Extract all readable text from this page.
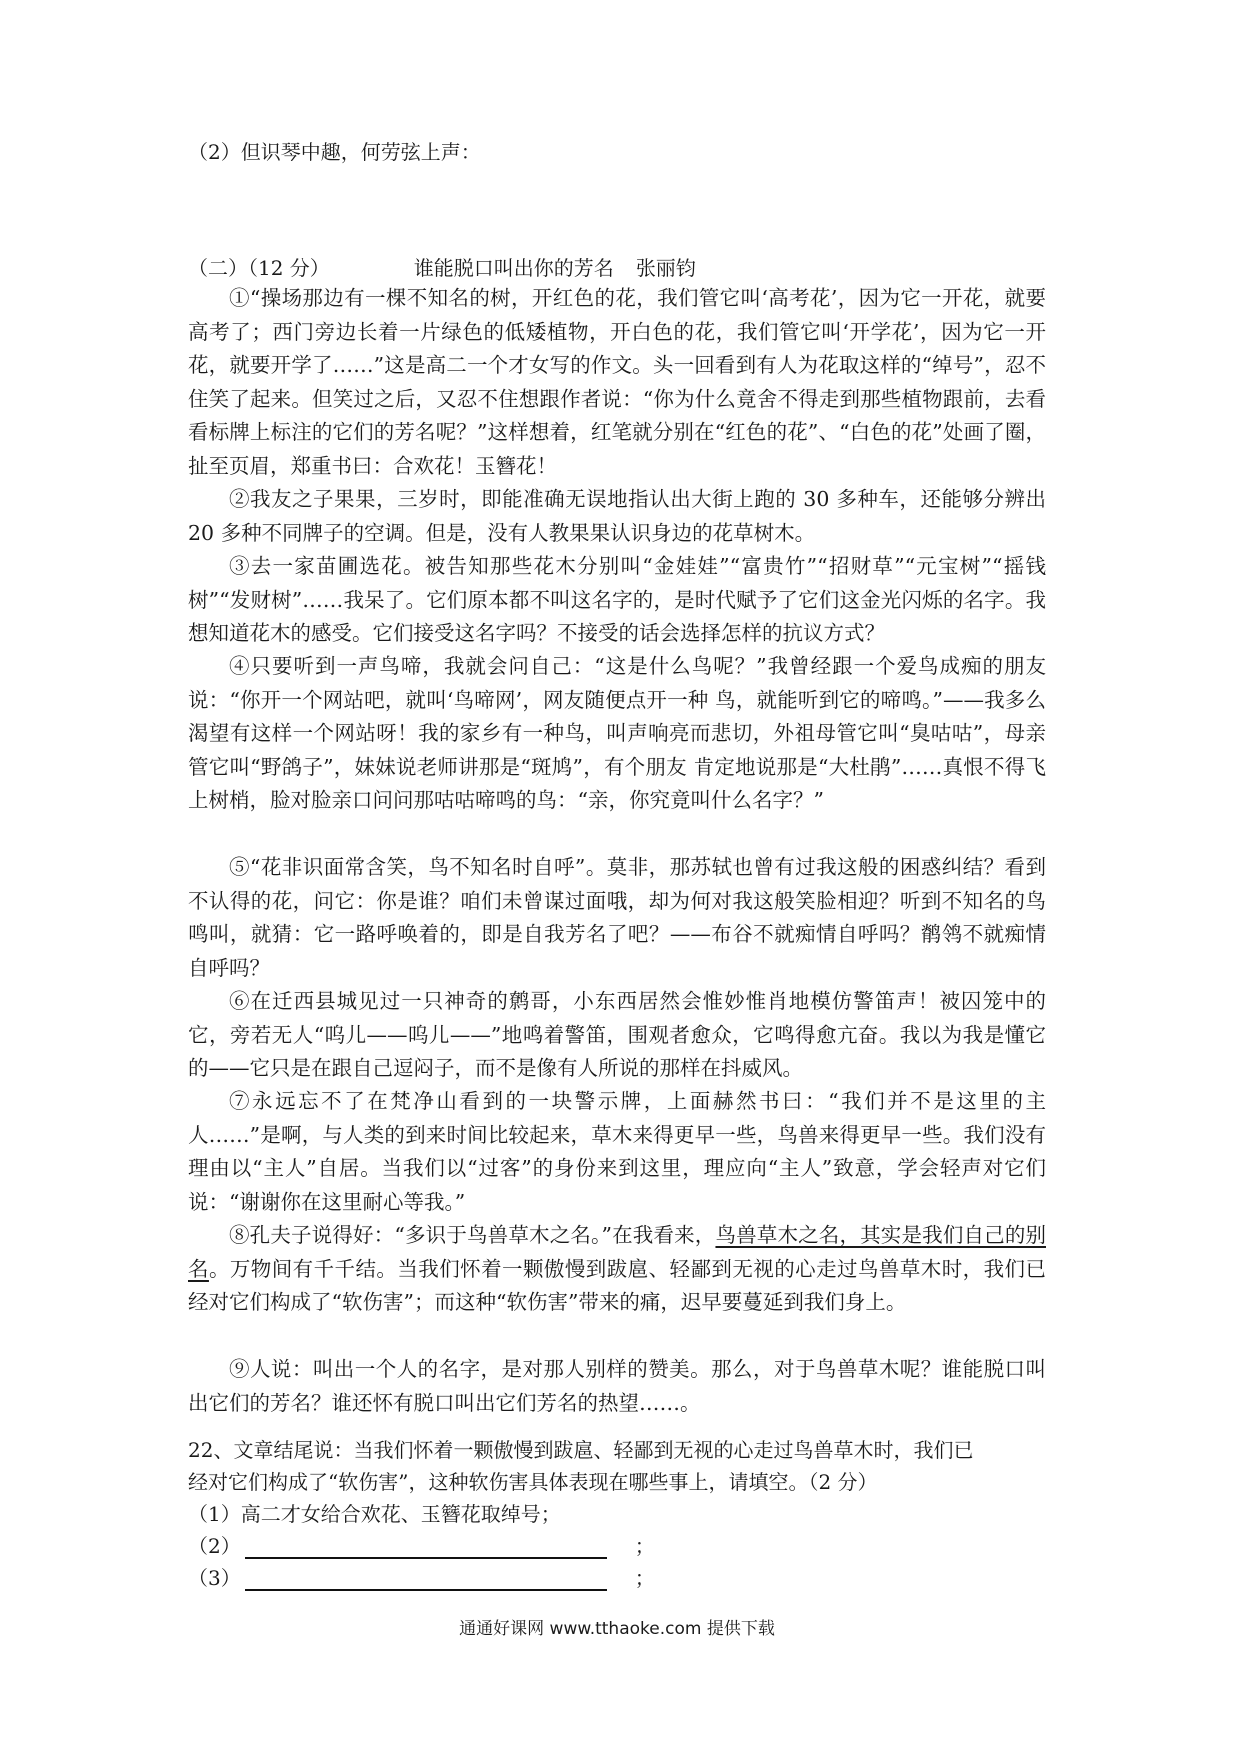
（2）但识琴中趣，何劳弦上声：
（二）（12 分）	谁能脱口叫出你的芳名 张丽钧
①“操场那边有一棵不知名的树，开红色的花，我们管它叫‘高考花’，因为它一开花，就要高考了；西门旁边长着一片绿色的低矮植物，开白色的花，我们管它叫‘开学花’，因为它一开花，就要开学了……”这是高二一个才女写的作文。头一回看到有人为花取这样的“绰号”，忍不住笑了起来。但笑过之后，又忍不住想跟作者说：“你为什么竟舍不得走到那些植物跟前，去看看标牌上标注的它们的芳名呢？”这样想着，红笔就分别在“红色的花”、“白色的花”处画了圈，扯至页眉，郑重书曰：合欢花！玉簪花！
②我友之子果果，三岁时，即能准确无误地指认出大街上跑的 30 多种车，还能够分辨出 20 多种不同牌子的空调。但是，没有人教果果认识身边的花草树木。
③去一家苗圃选花。被告知那些花木分别叫“金娃娃”“富贵竹”“招财草”“元宝树”“摇钱树”“发财树”……我呆了。它们原本都不叫这名字的，是时代赋予了它们这金光闪烁的名字。我想知道花木的感受。它们接受这名字吗？不接受的话会选择怎样的抗议方式？
④只要听到一声鸟啼，我就会问自己：“这是什么鸟呢？”我曾经跟一个爱鸟成痴的朋友说：“你开一个网站吧，就叫‘鸟啼网’，网友随便点开一种 鸟，就能听到它的啼鸣。”——我多么渴望有这样一个网站呀！我的家乡有一种鸟，叫声响亮而悲切，外祖母管它叫“臭咕咕”，母亲管它叫“野鸽子”，妹妹说老师讲那是“斑鸠”，有个朋友 肯定地说那是“大杜鹃”……真恨不得飞上树梢，脸对脸亲口问问那咕咕啼鸣的鸟：“亲，你究竟叫什么名字？”
⑤“花非识面常含笑，鸟不知名时自呼”。莫非，那苏轼也曾有过我这般的困惑纠结？看到不认得的花，问它：你是谁？咱们未曾谋过面哦，却为何对我这般笑脸相迎？听到不知名的鸟鸣叫，就猜：它一路呼唤着的，即是自我芳名了吧？——布谷不就痴情自呼吗？鹡鸰不就痴情自呼吗？
⑥在迁西县城见过一只神奇的鹩哥，小东西居然会惟妙惟肖地模仿警笛声！被囚笼中的它，旁若无人“呜儿——呜儿——”地鸣着警笛，围观者愈众，它鸣得愈亢奋。我以为我是懂它的——它只是在跟自己逗闷子，而不是像有人所说的那样在抖威风。
⑦永远忘不了在梵净山看到的一块警示牌，上面赫然书曰：“我们并不是这里的主人……”是啊，与人类的到来时间比较起来，草木来得更早一些，鸟兽来得更早一些。我们没有理由以“主人”自居。当我们以“过客”的身份来到这里，理应向“主人”致意，学会轻声对它们说：“谢谢你在这里耐心等我。”
⑧孔夫子说得好：“多识于鸟兽草木之名。”在我看来，鸟兽草木之名，其实是我们自己的别名。万物间有千千结。当我们怀着一颗傲慢到跋扈、轻鄙到无视的心走过鸟兽草木时，我们已经对它们构成了“软伤害”；而这种“软伤害”带来的痛，迟早要蔓延到我们身上。
⑨人说：叫出一个人的名字，是对那人别样的赞美。那么，对于鸟兽草木呢？谁能脱口叫出它们的芳名？谁还怀有脱口叫出它们芳名的热望……。
22、文章结尾说：当我们怀着一颗傲慢到跋扈、轻鄙到无视的心走过鸟兽草木时，我们已
经对它们构成了“软伤害”，这种软伤害具体表现在哪些事上，请填空。（2 分）
（1）高二才女给合欢花、玉簪花取绰号；
（2）	；
（3）	；
通通好课网 www.tthaoke.com 提供下载
